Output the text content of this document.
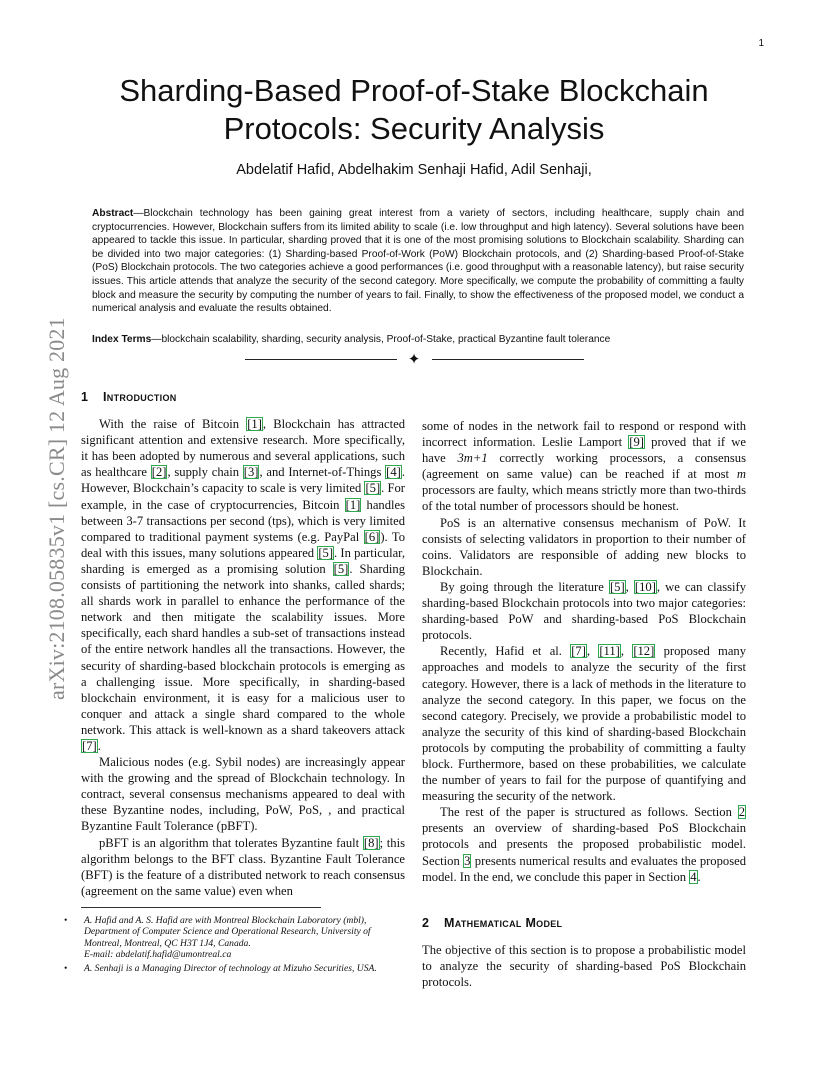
1
arXiv:2108.05835v1 [cs.CR] 12 Aug 2021
Sharding-Based Proof-of-Stake Blockchain
Protocols: Security Analysis
Abdelatif Hafid, Abdelhakim Senhaji Hafid, Adil Senhaji,

Abstract—Blockchain technology has been gaining great interest from a variety of sectors, including healthcare, supply chain and cryptocurrencies. However, Blockchain suffers from its limited ability to scale (i.e. low throughput and high latency). Several solutions have been appeared to tackle this issue. In particular, sharding proved that it is one of the most promising solutions to Blockchain scalability. Sharding can be divided into two major categories: (1) Sharding-based Proof-of-Work (PoW) Blockchain protocols, and (2) Sharding-based Proof-of-Stake (PoS) Blockchain protocols. The two categories achieve a good performances (i.e. good throughput with a reasonable latency), but raise security issues. This article attends that analyze the security of the second category. More specifically, we compute the probability of committing a faulty block and measure the security by computing the number of years to fail. Finally, to show the effectiveness of the proposed model, we conduct a numerical analysis and evaluate the results obtained.

Index Terms—blockchain scalability, sharding, security analysis, Proof-of-Stake, practical Byzantine fault tolerance
✦
1 Introduction

With the raise of Bitcoin [1], Blockchain has attracted significant attention and extensive research. More specifically, it has been adopted by numerous and several applications, such as healthcare [2], supply chain [3], and Internet-of-Things [4]. However, Blockchain’s capacity to scale is very limited [5]. For example, in the case of cryptocurrencies, Bitcoin [1] handles between 3-7 transactions per second (tps), which is very limited compared to traditional payment systems (e.g. PayPal [6]). To deal with this issues, many solutions appeared [5]. In particular, sharding is emerged as a promising solution [5]. Sharding consists of partitioning the network into shanks, called shards; all shards work in parallel to enhance the performance of the network and then mitigate the scalability issues. More specifically, each shard handles a sub-set of transactions instead of the entire network handles all the transactions. However, the security of sharding-based blockchain protocols is emerging as a challenging issue. More specifically, in sharding-based blockchain environment, it is easy for a malicious user to conquer and attack a single shard compared to the whole network. This attack is well-known as a shard takeovers attack [7].

Malicious nodes (e.g. Sybil nodes) are increasingly appear with the growing and the spread of Blockchain technology. In contract, several consensus mechanisms appeared to deal with these Byzantine nodes, including, PoW, PoS, , and practical Byzantine Fault Tolerance (pBFT).

pBFT is an algorithm that tolerates Byzantine fault [8]; this algorithm belongs to the BFT class. Byzantine Fault Tolerance (BFT) is the feature of a distributed network to reach consensus (agreement on the same value) even when

some of nodes in the network fail to respond or respond with incorrect information. Leslie Lamport [9] proved that if we have 3m+1 correctly working processors, a consensus (agreement on same value) can be reached if at most m processors are faulty, which means strictly more than two-thirds of the total number of processors should be honest.

PoS is an alternative consensus mechanism of PoW. It consists of selecting validators in proportion to their number of coins. Validators are responsible of adding new blocks to Blockchain.

By going through the literature [5], [10], we can classify sharding-based Blockchain protocols into two major categories: sharding-based PoW and sharding-based PoS Blockchain protocols.

Recently, Hafid et al. [7], [11], [12] proposed many approaches and models to analyze the security of the first category. However, there is a lack of methods in the literature to analyze the second category. In this paper, we focus on the second category. Precisely, we provide a probabilistic model to analyze the security of this kind of sharding-based Blockchain protocols by computing the probability of committing a faulty block. Furthermore, based on these probabilities, we calculate the number of years to fail for the purpose of quantifying and measuring the security of the network.

The rest of the paper is structured as follows. Section 2 presents an overview of sharding-based PoS Blockchain protocols and presents the proposed probabilistic model. Section 3 presents numerical results and evaluates the proposed model. In the end, we conclude this paper in Section 4.

2 Mathematical Model

The objective of this section is to propose a probabilistic model to analyze the security of sharding-based PoS Blockchain protocols.

• A. Hafid and A. S. Hafid are with Montreal Blockchain Laboratory (mbl), Department of Computer Science and Operational Research, University of Montreal, Montreal, QC H3T 1J4, Canada.
E-mail: abdelatif.hafid@umontreal.ca
• A. Senhaji is a Managing Director of technology at Mizuho Securities, USA.
